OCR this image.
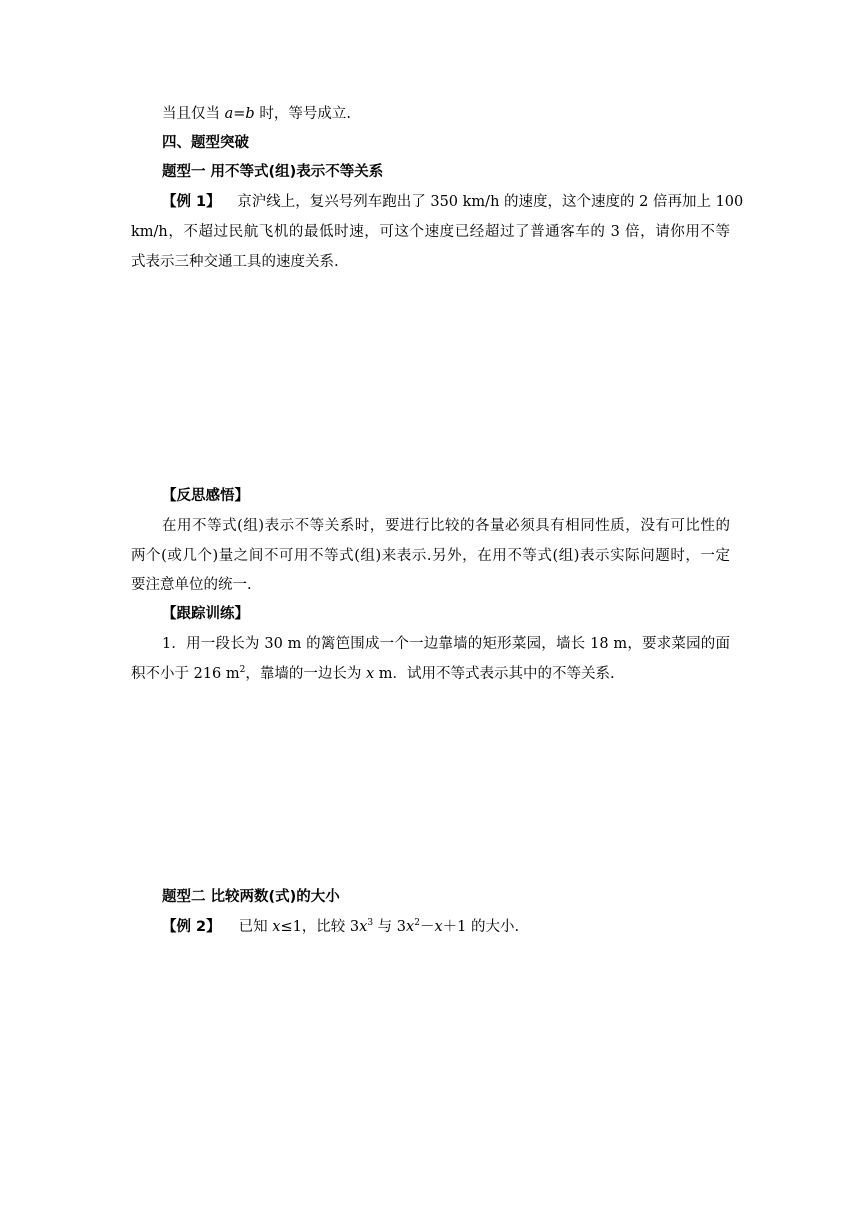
当且仅当 a=b 时，等号成立.
四、题型突破
题型一 用不等式(组)表示不等关系
【例 1】 京沪线上，复兴号列车跑出了 350 km/h 的速度，这个速度的 2 倍再加上 100
km/h，不超过民航飞机的最低时速，可这个速度已经超过了普通客车的 3 倍，请你用不等
式表示三种交通工具的速度关系.
【反思感悟】
在用不等式(组)表示不等关系时，要进行比较的各量必须具有相同性质，没有可比性的
两个(或几个)量之间不可用不等式(组)来表示.另外，在用不等式(组)表示实际问题时，一定
要注意单位的统一.
【跟踪训练】
1．用一段长为 30 m 的篱笆围成一个一边靠墙的矩形菜园，墙长 18 m，要求菜园的面
积不小于 216 $m^2$，靠墙的一边长为 x m．试用不等式表示其中的不等关系.
题型二 比较两数(式)的大小
【例 2】 已知 x≤1，比较 $3x^3$ 与 $3x^2-x+1$ 的大小.
